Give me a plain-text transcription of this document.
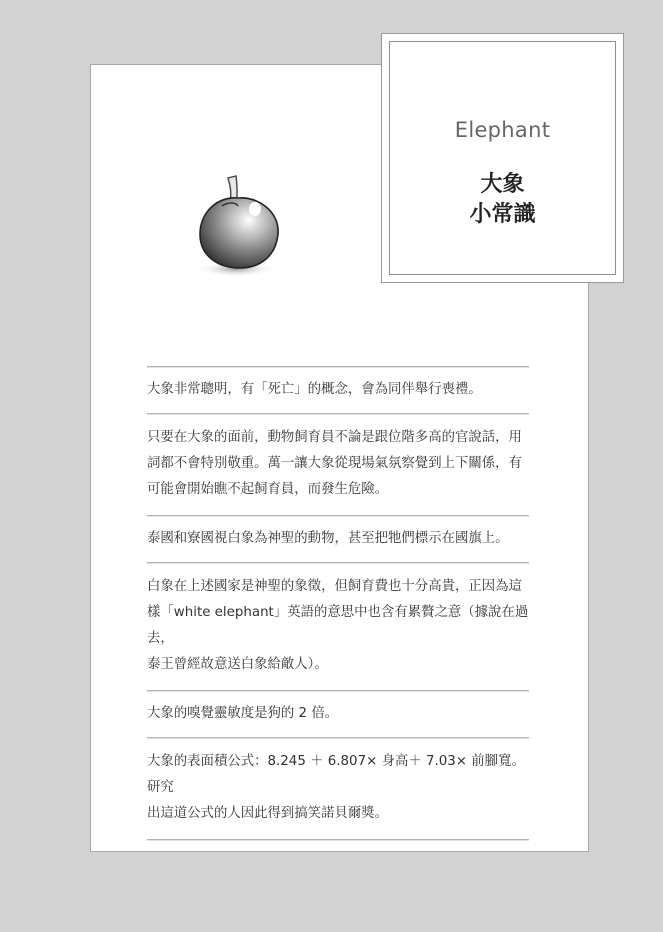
Elephant
大象
小常識
大象非常聰明，有「死亡」的概念，會為同伴舉行喪禮。
只要在大象的面前，動物飼育員不論是跟位階多高的官說話，用
詞都不會特別敬重。萬一讓大象從現場氣氛察覺到上下關係，有
可能會開始瞧不起飼育員，而發生危險。
泰國和寮國視白象為神聖的動物，甚至把牠們標示在國旗上。
白象在上述國家是神聖的象徵，但飼育費也十分高貴，正因為這
樣「white elephant」英語的意思中也含有累贅之意（據說在過去，
泰王曾經故意送白象給敵人）。
大象的嗅覺靈敏度是狗的 2 倍。
大象的表面積公式：8.245 ＋ 6.807× 身高＋ 7.03× 前腳寬。研究
出這道公式的人因此得到搞笑諾貝爾獎。
